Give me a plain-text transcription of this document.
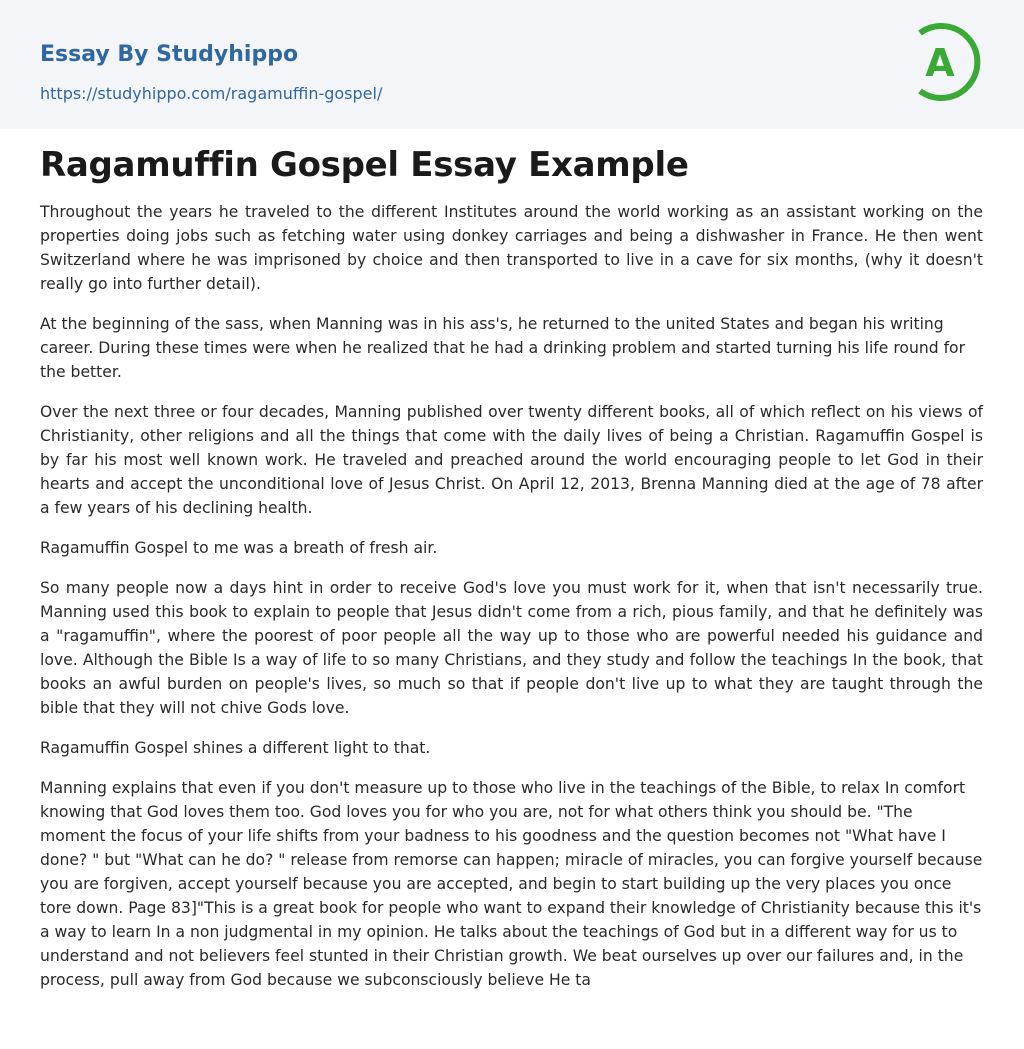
Essay By Studyhippo
https://studyhippo.com/ragamuffin-gospel/
A
Ragamuffin Gospel Essay Example

Throughout the years he traveled to the different Institutes around the world working as an assistant working on the properties doing jobs such as fetching water using donkey carriages and being a dishwasher in France. He then went Switzerland where he was imprisoned by choice and then transported to live in a cave for six months, (why it doesn't really go into further detail).

At the beginning of the sass, when Manning was in his ass's, he returned to the united States and began his writing career. During these times were when he realized that he had a drinking problem and started turning his life round for the better.

Over the next three or four decades, Manning published over twenty different books, all of which reflect on his views of Christianity, other religions and all the things that come with the daily lives of being a Christian. Ragamuffin Gospel is by far his most well known work. He traveled and preached around the world encouraging people to let God in their hearts and accept the unconditional love of Jesus Christ. On April 12, 2013, Brenna Manning died at the age of 78 after a few years of his declining health.

Ragamuffin Gospel to me was a breath of fresh air.

So many people now a days hint in order to receive God's love you must work for it, when that isn't necessarily true. Manning used this book to explain to people that Jesus didn't come from a rich, pious family, and that he definitely was a "ragamuffin", where the poorest of poor people all the way up to those who are powerful needed his guidance and love. Although the Bible Is a way of life to so many Christians, and they study and follow the teachings In the book, that books an awful burden on people's lives, so much so that if people don't live up to what they are taught through the bible that they will not chive Gods love.

Ragamuffin Gospel shines a different light to that.

Manning explains that even if you don't measure up to those who live in the teachings of the Bible, to relax In comfort knowing that God loves them too. God loves you for who you are, not for what others think you should be. "The moment the focus of your life shifts from your badness to his goodness and the question becomes not "What have I done? " but "What can he do? " release from remorse can happen; miracle of miracles, you can forgive yourself because you are forgiven, accept yourself because you are accepted, and begin to start building up the very places you once tore down. Page 83]"This is a great book for people who want to expand their knowledge of Christianity because this it's a way to learn In a non judgmental in my opinion. He talks about the teachings of God but in a different way for us to understand and not believers feel stunted in their Christian growth. We beat ourselves up over our failures and, in the process, pull away from God because we subconsciously believe He ta
